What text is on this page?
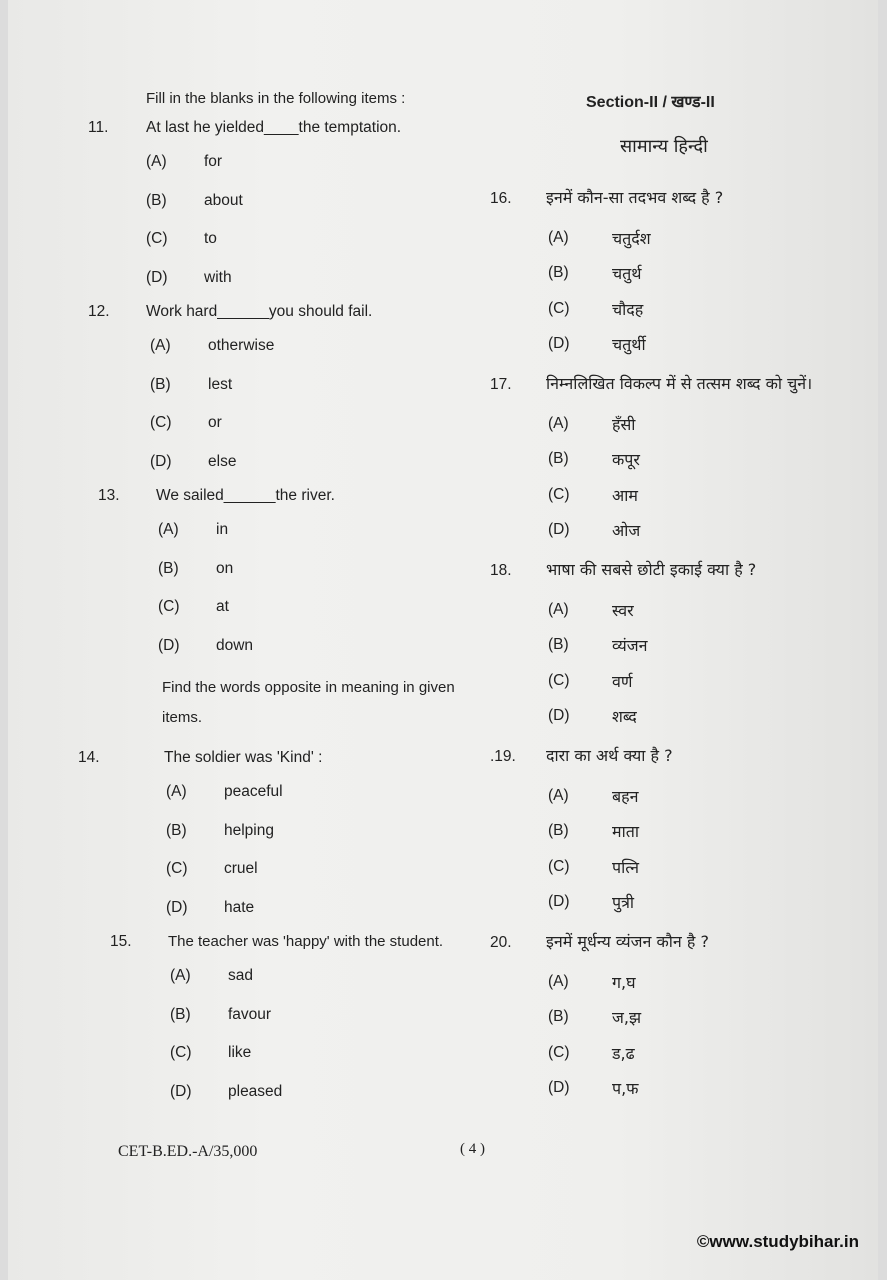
Fill in the blanks in the following items :
11.	At last he yielded____the temptation.
(A)	for
(B)	about
(C)	to
(D)	with
12.	Work hard______you should fail.
(A)	otherwise
(B)	lest
(C)	or
(D)	else
13.	We sailed______the river.
(A)	in
(B)	on
(C)	at
(D)	down
Find the words opposite in meaning in given items.
14.	The soldier was 'Kind' :
(A)	peaceful
(B)	helping
(C)	cruel
(D)	hate
15.	The teacher was 'happy' with the student.
(A)	sad
(B)	favour
(C)	like
(D)	pleased
Section-II / खण्ड-II
सामान्य हिन्दी
16.	इनमें कौन-सा तदभव शब्द है ?
(A)	चतुर्दश
(B)	चतुर्थ
(C)	चौदह
(D)	चतुर्थी
17.	निम्नलिखित विकल्प में से तत्सम शब्द को चुनें।
(A)	हँसी
(B)	कपूर
(C)	आम
(D)	ओज
18.	भाषा की सबसे छोटी इकाई क्या है ?
(A)	स्वर
(B)	व्यंजन
(C)	वर्ण
(D)	शब्द
.19.	दारा का अर्थ क्या है ?
(A)	बहन
(B)	माता
(C)	पत्नि
(D)	पुत्री
20.	इनमें मूर्धन्य व्यंजन कौन है ?
(A)	ग,घ
(B)	ज,झ
(C)	ड,ढ
(D)	प,फ
CET-B.ED.-A/35,000	( 4 )
©www.studybihar.in
